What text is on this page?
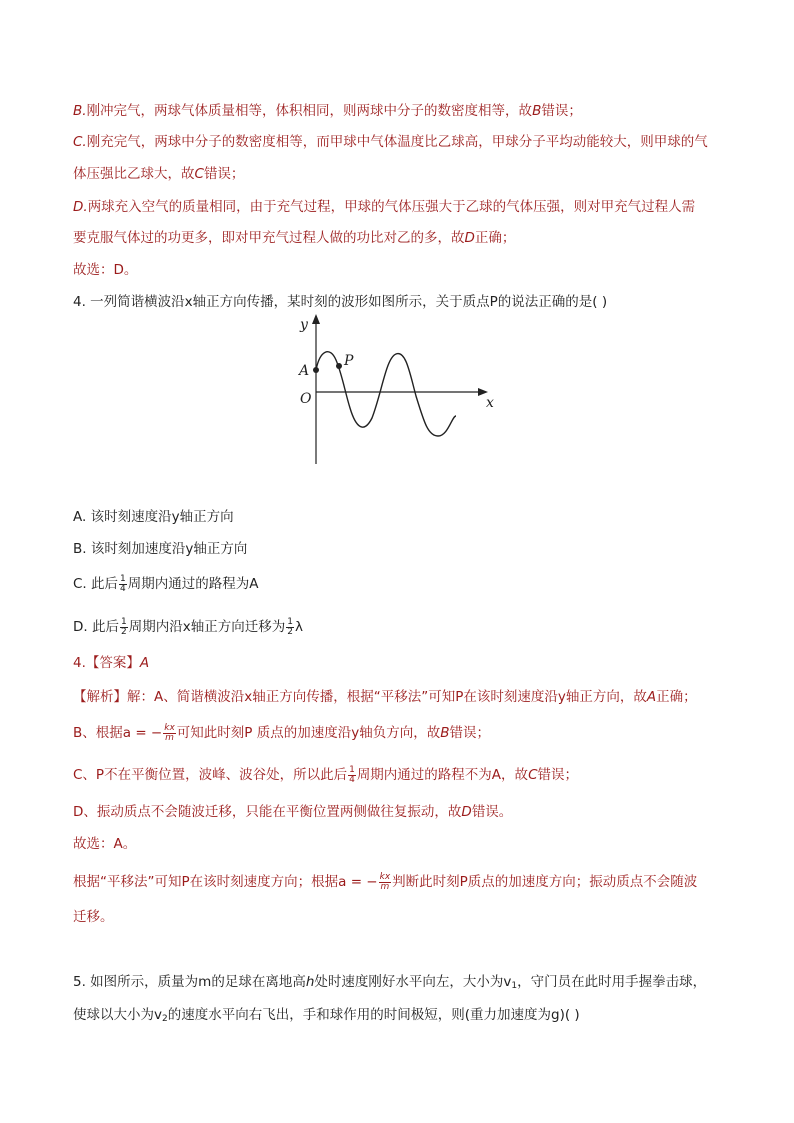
B.刚冲完气，两球气体质量相等，体积相同，则两球中分子的数密度相等，故B错误；
C.刚充完气，两球中分子的数密度相等，而甲球中气体温度比乙球高，甲球分子平均动能较大，则甲球的气
体压强比乙球大，故C错误；
D.两球充入空气的质量相同，由于充气过程，甲球的气体压强大于乙球的气体压强，则对甲充气过程人需
要克服气体过的功更多，即对甲充气过程人做的功比对乙的多，故D正确；
故选：D。
4. 一列简谐横波沿x轴正方向传播，某时刻的波形如图所示，关于质点P的说法正确的是( )
y
x
O
A
P
A. 该时刻速度沿y轴正方向
B. 该时刻加速度沿y轴正方向
C. 此后 $\frac{1}{4}$ 周期内通过的路程为A
D. 此后 $\frac{1}{2}$ 周期内沿x轴正方向迁移为 $\frac{1}{2}$ λ
4.【答案】A
【解析】解：A、简谐横波沿x轴正方向传播，根据“平移法”可知P在该时刻速度沿y轴正方向，故A正确；
B、根据a = − $\frac{kx}{m}$ 可知此时刻P 质点的加速度沿y轴负方向，故B错误；
C、P不在平衡位置，波峰、波谷处，所以此后 $\frac{1}{4}$ 周期内通过的路程不为A，故C错误；
D、振动质点不会随波迁移，只能在平衡位置两侧做往复振动，故D错误。
故选：A。
根据“平移法”可知P在该时刻速度方向；根据a = − $\frac{kx}{m}$ 判断此时刻P质点的加速度方向；振动质点不会随波
迁移。
5. 如图所示，质量为m的足球在离地高h处时速度刚好水平向左，大小为$v_1$，守门员在此时用手握拳击球，
使球以大小为$v_2$的速度水平向右飞出，手和球作用的时间极短，则(重力加速度为g)( )
